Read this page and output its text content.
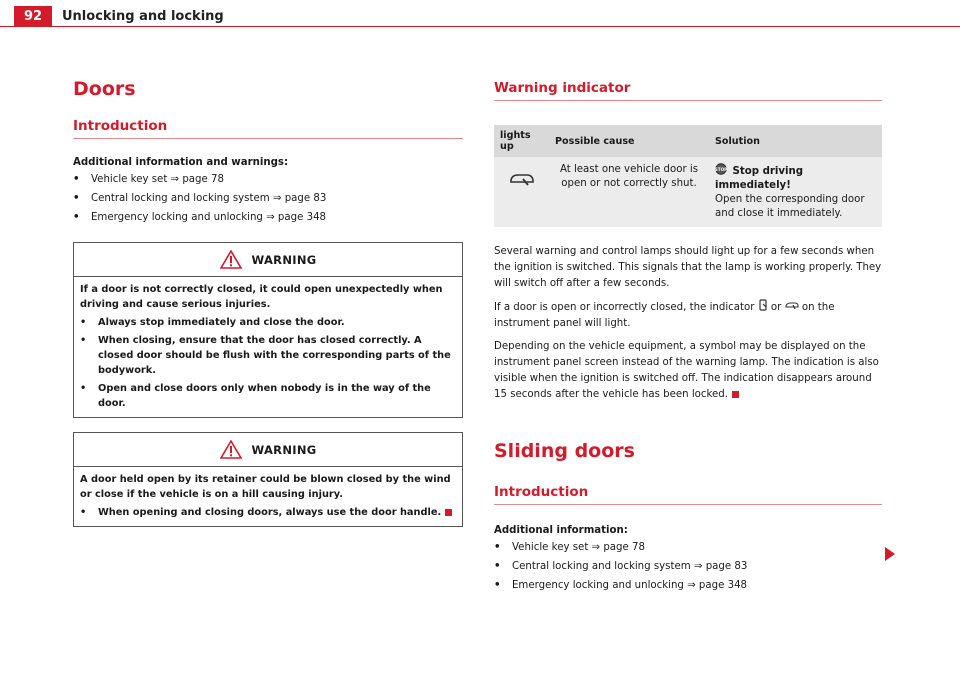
92	Unlocking and locking
Doors
Introduction
Additional information and warnings:
•	Vehicle key set ⇒ page 78
•	Central locking and locking system ⇒ page 83
•	Emergency locking and unlocking ⇒ page 348
WARNING
If a door is not correctly closed, it could open unexpectedly when driving and cause serious injuries.
•	Always stop immediately and close the door.
•	When closing, ensure that the door has closed correctly. A closed door should be flush with the corresponding parts of the bodywork.
•	Open and close doors only when nobody is in the way of the door.
WARNING
A door held open by its retainer could be blown closed by the wind or close if the vehicle is on a hill causing injury.
•	When opening and closing doors, always use the door handle.
Warning indicator
lights up	Possible cause	Solution
	At least one vehicle door is open or not correctly shut.	STOP Stop driving immediately!
Open the corresponding door and close it immediately.
Several warning and control lamps should light up for a few seconds when the ignition is switched. This signals that the lamp is working properly. They will switch off after a few seconds.
If a door is open or incorrectly closed, the indicator or on the instrument panel will light.
Depending on the vehicle equipment, a symbol may be displayed on the instrument panel screen instead of the warning lamp. The indication is also visible when the ignition is switched off. The indication disappears around 15 seconds after the vehicle has been locked.
Sliding doors
Introduction
Additional information:
•	Vehicle key set ⇒ page 78
•	Central locking and locking system ⇒ page 83
•	Emergency locking and unlocking ⇒ page 348
